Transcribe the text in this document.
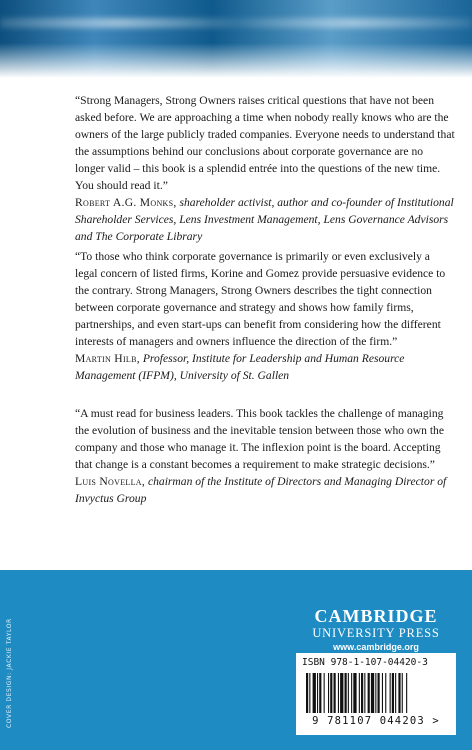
“Strong Managers, Strong Owners raises critical questions that have not been asked before. We are approaching a time when nobody really knows who are the owners of the large publicly traded companies. Everyone needs to understand that the assumptions behind our conclusions about corporate governance are no longer valid – this book is a splendid entrée into the questions of the new time. You should read it.”

Robert A.G. Monks, shareholder activist, author and co-founder of Institutional Shareholder Services, Lens Investment Management, Lens Governance Advisors and The Corporate Library

“To those who think corporate governance is primarily or even exclusively a legal concern of listed firms, Korine and Gomez provide persuasive evidence to the contrary. Strong Managers, Strong Owners describes the tight connection between corporate governance and strategy and shows how family firms, partnerships, and even start-ups can benefit from considering how the different interests of managers and owners influence the direction of the firm.”

Martin Hilb, Professor, Institute for Leadership and Human Resource Management (IFPM), University of St. Gallen

“A must read for business leaders. This book tackles the challenge of managing the evolution of business and the inevitable tension between those who own the company and those who manage it. The inflexion point is the board. Accepting that change is a constant becomes a requirement to make strategic decisions.”

Luis Novella, chairman of the Institute of Directors and Managing Director of Invyctus Group

COVER DESIGN: JACKIE TAYLOR
CAMBRIDGE
UNIVERSITY PRESS
www.cambridge.org
ISBN 978-1-107-04420-3
9 781107 044203 >
